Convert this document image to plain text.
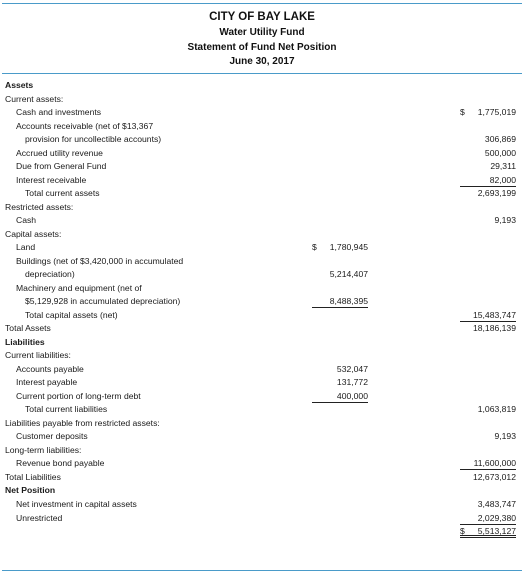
CITY OF BAY LAKE
Water Utility Fund
Statement of Fund Net Position
June 30, 2017
Assets
Current assets:
Cash and investments	$ 1,775,019
Accounts receivable (net of $13,367
provision for uncollectible accounts)	306,869
Accrued utility revenue	500,000
Due from General Fund	29,311
Interest receivable	82,000
Total current assets	2,693,199
Restricted assets:
Cash	9,193
Capital assets:
Land	$ 1,780,945
Buildings (net of $3,420,000 in accumulated
depreciation)	5,214,407
Machinery and equipment (net of
$5,129,928 in accumulated depreciation)	8,488,395
Total capital assets (net)	15,483,747
Total Assets	18,186,139
Liabilities
Current liabilities:
Accounts payable	532,047
Interest payable	131,772
Current portion of long-term debt	400,000
Total current liabilities	1,063,819
Liabilities payable from restricted assets:
Customer deposits	9,193
Long-term liabilities:
Revenue bond payable	11,600,000
Total Liabilities	12,673,012
Net Position
Net investment in capital assets	3,483,747
Unrestricted	2,029,380
$ 5,513,127
